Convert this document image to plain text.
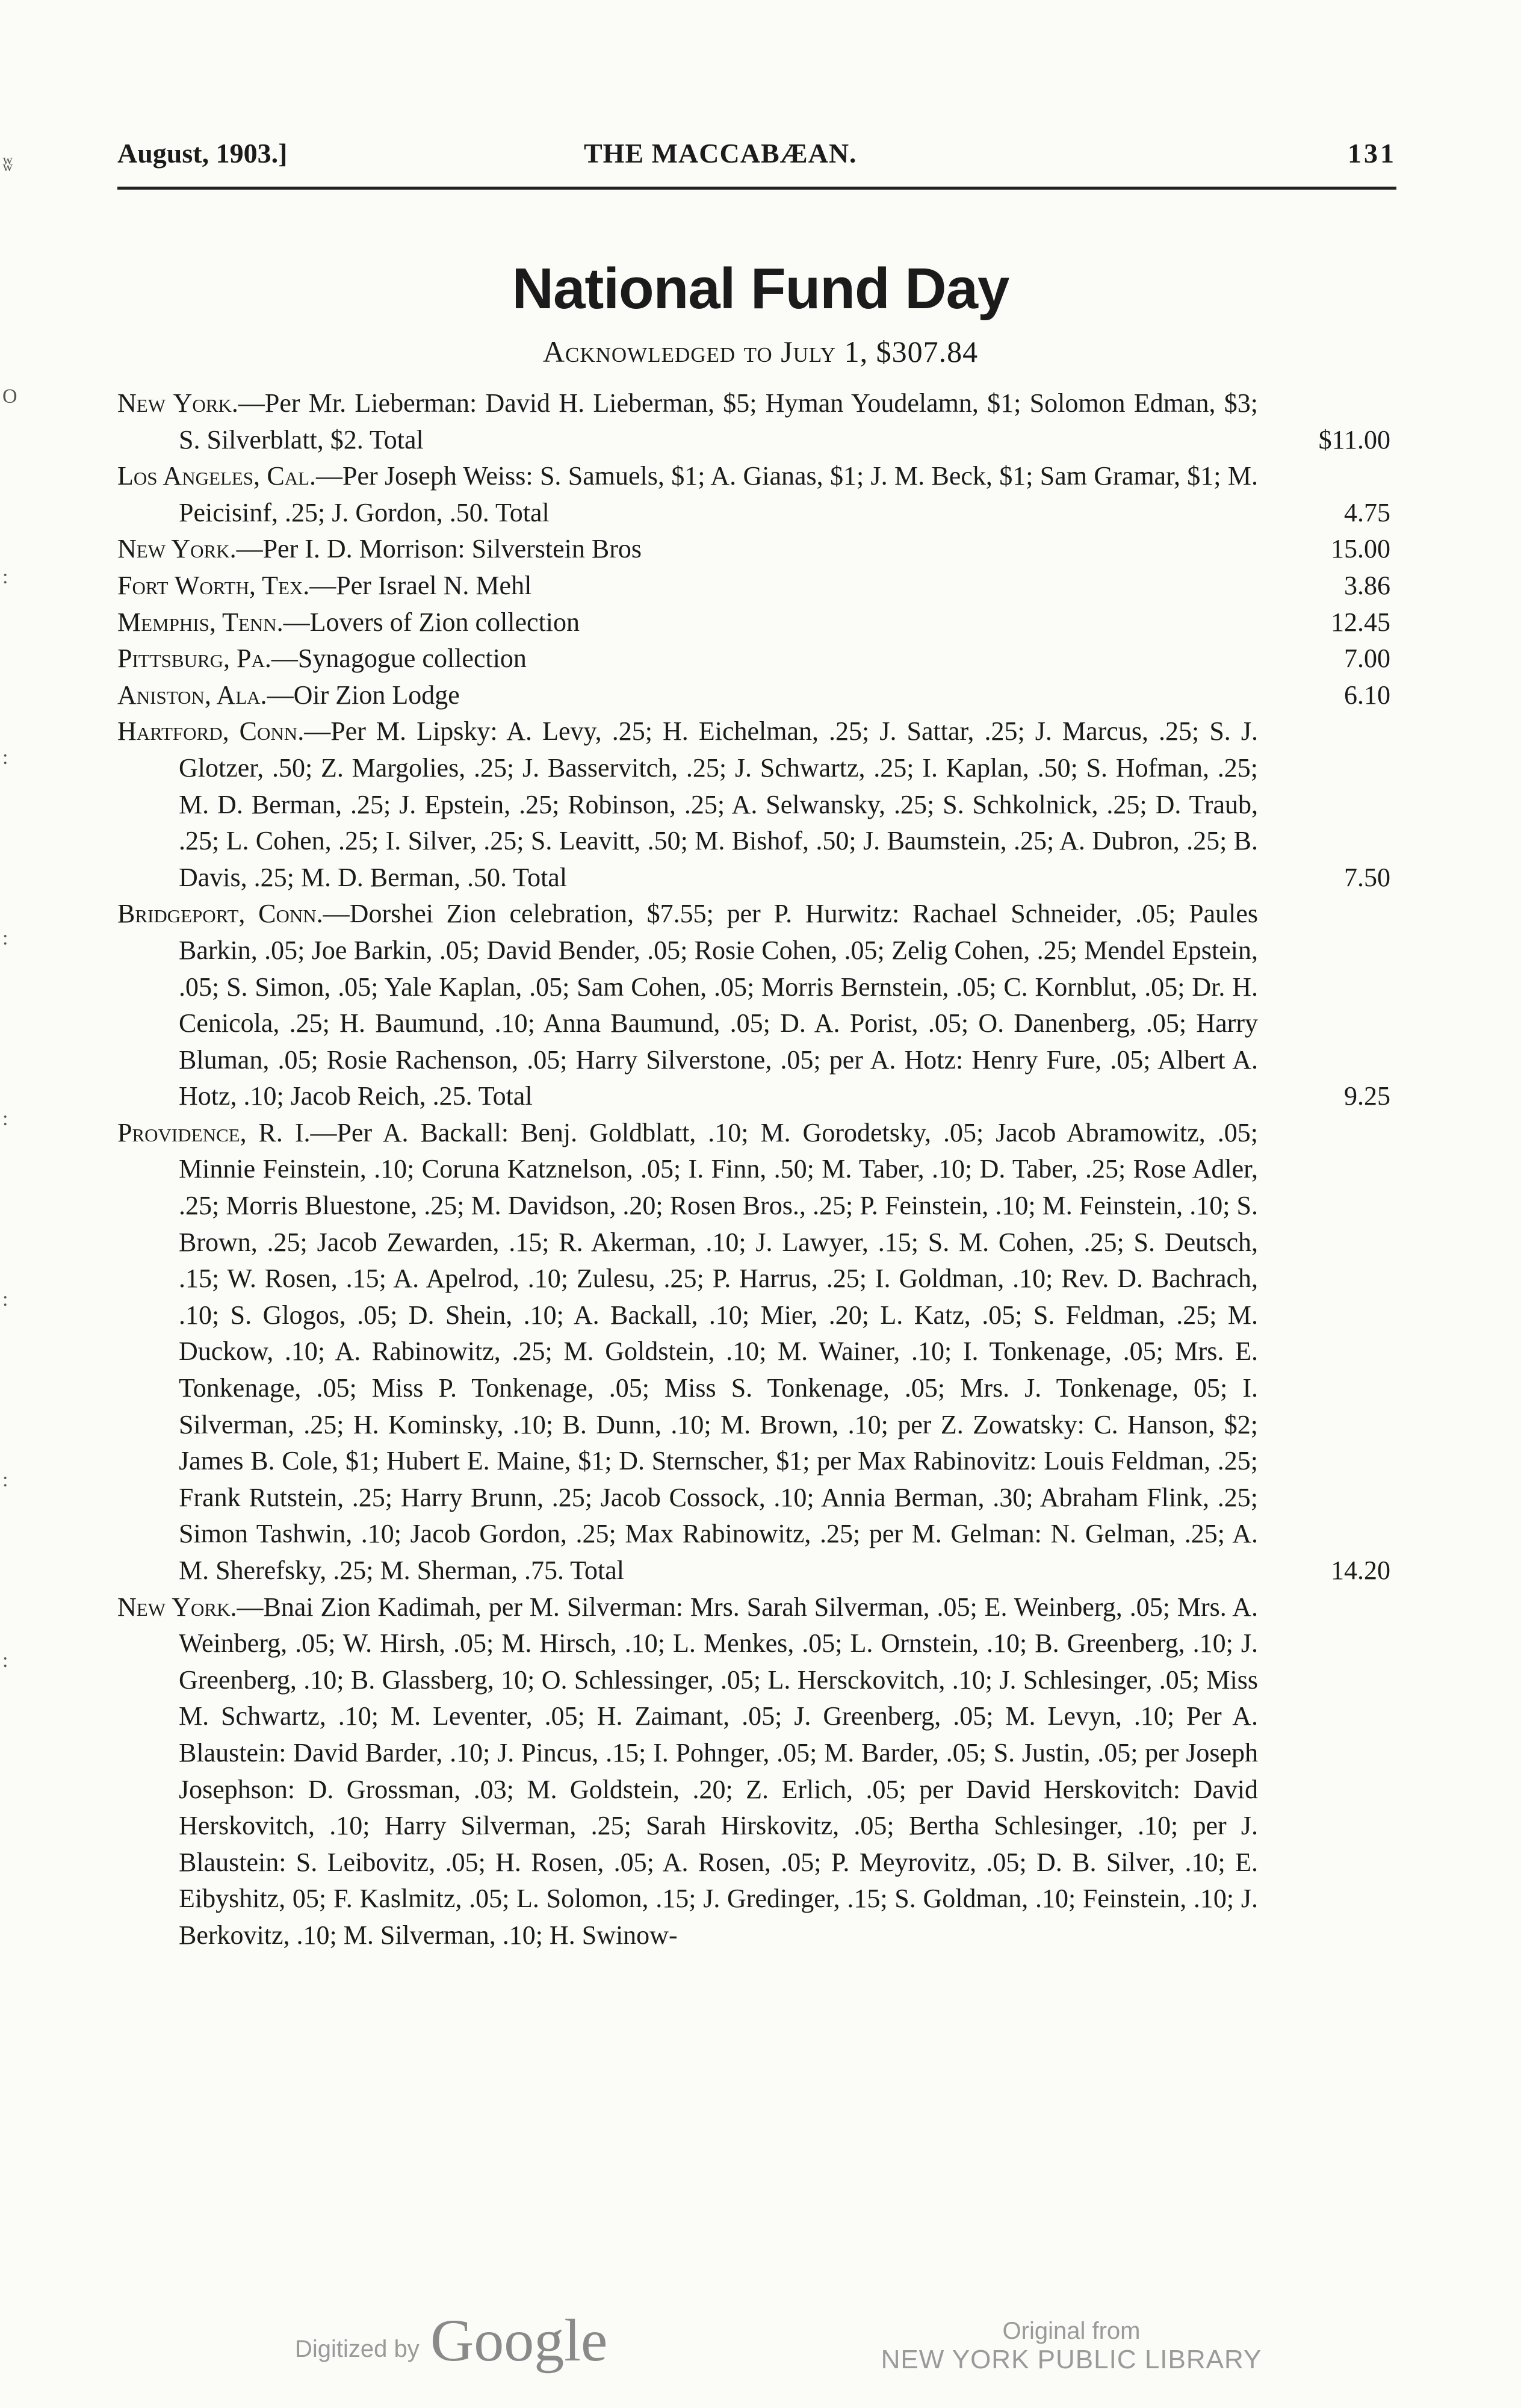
ʬ
O
:
:
:
:
:
:
:
August, 1903.]	THE MACCABÆAN.	131
National Fund Day
Acknowledged to July 1, $307.84
New York.—Per Mr. Lieberman: David H. Lieberman, $5; Hyman Youdelamn, $1; Solomon Edman, $3; S. Silverblatt, $2. Total	$11.00
Los Angeles, Cal.—Per Joseph Weiss: S. Samuels, $1; A. Gianas, $1; J. M. Beck, $1; Sam Gramar, $1; M. Peicisinf, .25; J. Gordon, .50. Total	4.75
New York.—Per I. D. Morrison: Silverstein Bros	15.00
Fort Worth, Tex.—Per Israel N. Mehl	3.86
Memphis, Tenn.—Lovers of Zion collection	12.45
Pittsburg, Pa.—Synagogue collection	7.00
Aniston, Ala.—Oir Zion Lodge	6.10
Hartford, Conn.—Per M. Lipsky: A. Levy, .25; H. Eichelman, .25; J. Sattar, .25; J. Marcus, .25; S. J. Glotzer, .50; Z. Margolies, .25; J. Basservitch, .25; J. Schwartz, .25; I. Kaplan, .50; S. Hofman, .25; M. D. Berman, .25; J. Epstein, .25; Robinson, .25; A. Selwansky, .25; S. Schkolnick, .25; D. Traub, .25; L. Cohen, .25; I. Silver, .25; S. Leavitt, .50; M. Bishof, .50; J. Baumstein, .25; A. Dubron, .25; B. Davis, .25; M. D. Berman, .50. Total	7.50
Bridgeport, Conn.—Dorshei Zion celebration, $7.55; per P. Hurwitz: Rachael Schneider, .05; Paules Barkin, .05; Joe Barkin, .05; David Bender, .05; Rosie Cohen, .05; Zelig Cohen, .25; Mendel Epstein, .05; S. Simon, .05; Yale Kaplan, .05; Sam Cohen, .05; Morris Bernstein, .05; C. Kornblut, .05; Dr. H. Cenicola, .25; H. Baumund, .10; Anna Baumund, .05; D. A. Porist, .05; O. Danenberg, .05; Harry Bluman, .05; Rosie Rachenson, .05; Harry Silverstone, .05; per A. Hotz: Henry Fure, .05; Albert A. Hotz, .10; Jacob Reich, .25. Total	9.25
Providence, R. I.—Per A. Backall: Benj. Goldblatt, .10; M. Gorodetsky, .05; Jacob Abramowitz, .05; Minnie Feinstein, .10; Coruna Katznelson, .05; I. Finn, .50; M. Taber, .10; D. Taber, .25; Rose Adler, .25; Morris Bluestone, .25; M. Davidson, .20; Rosen Bros., .25; P. Feinstein, .10; M. Feinstein, .10; S. Brown, .25; Jacob Zewarden, .15; R. Akerman, .10; J. Lawyer, .15; S. M. Cohen, .25; S. Deutsch, .15; W. Rosen, .15; A. Apelrod, .10; Zulesu, .25; P. Harrus, .25; I. Goldman, .10; Rev. D. Bachrach, .10; S. Glogos, .05; D. Shein, .10; A. Backall, .10; Mier, .20; L. Katz, .05; S. Feldman, .25; M. Duckow, .10; A. Rabinowitz, .25; M. Goldstein, .10; M. Wainer, .10; I. Tonkenage, .05; Mrs. E. Tonkenage, .05; Miss P. Tonkenage, .05; Miss S. Tonkenage, .05; Mrs. J. Tonkenage, 05; I. Silverman, .25; H. Kominsky, .10; B. Dunn, .10; M. Brown, .10; per Z. Zowatsky: C. Hanson, $2; James B. Cole, $1; Hubert E. Maine, $1; D. Sternscher, $1; per Max Rabinovitz: Louis Feldman, .25; Frank Rutstein, .25; Harry Brunn, .25; Jacob Cossock, .10; Annia Berman, .30; Abraham Flink, .25; Simon Tashwin, .10; Jacob Gordon, .25; Max Rabinowitz, .25; per M. Gelman: N. Gelman, .25; A. M. Sherefsky, .25; M. Sherman, .75. Total	14.20
New York.—Bnai Zion Kadimah, per M. Silverman: Mrs. Sarah Silverman, .05; E. Weinberg, .05; Mrs. A. Weinberg, .05; W. Hirsh, .05; M. Hirsch, .10; L. Menkes, .05; L. Ornstein, .10; B. Greenberg, .10; J. Greenberg, .10; B. Glassberg, 10; O. Schlessinger, .05; L. Hersckovitch, .10; J. Schlesinger, .05; Miss M. Schwartz, .10; M. Leventer, .05; H. Zaimant, .05; J. Greenberg, .05; M. Levyn, .10; Per A. Blaustein: David Barder, .10; J. Pincus, .15; I. Pohnger, .05; M. Barder, .05; S. Justin, .05; per Joseph Josephson: D. Grossman, .03; M. Goldstein, .20; Z. Erlich, .05; per David Herskovitch: David Herskovitch, .10; Harry Silverman, .25; Sarah Hirskovitz, .05; Bertha Schlesinger, .10; per J. Blaustein: S. Leibovitz, .05; H. Rosen, .05; A. Rosen, .05; P. Meyrovitz, .05; D. B. Silver, .10; E. Eibyshitz, 05; F. Kaslmitz, .05; L. Solomon, .15; J. Gredinger, .15; S. Goldman, .10; Feinstein, .10; J. Berkovitz, .10; M. Silverman, .10; H. Swinow-
Digitized by Google	Original from
NEW YORK PUBLIC LIBRARY
